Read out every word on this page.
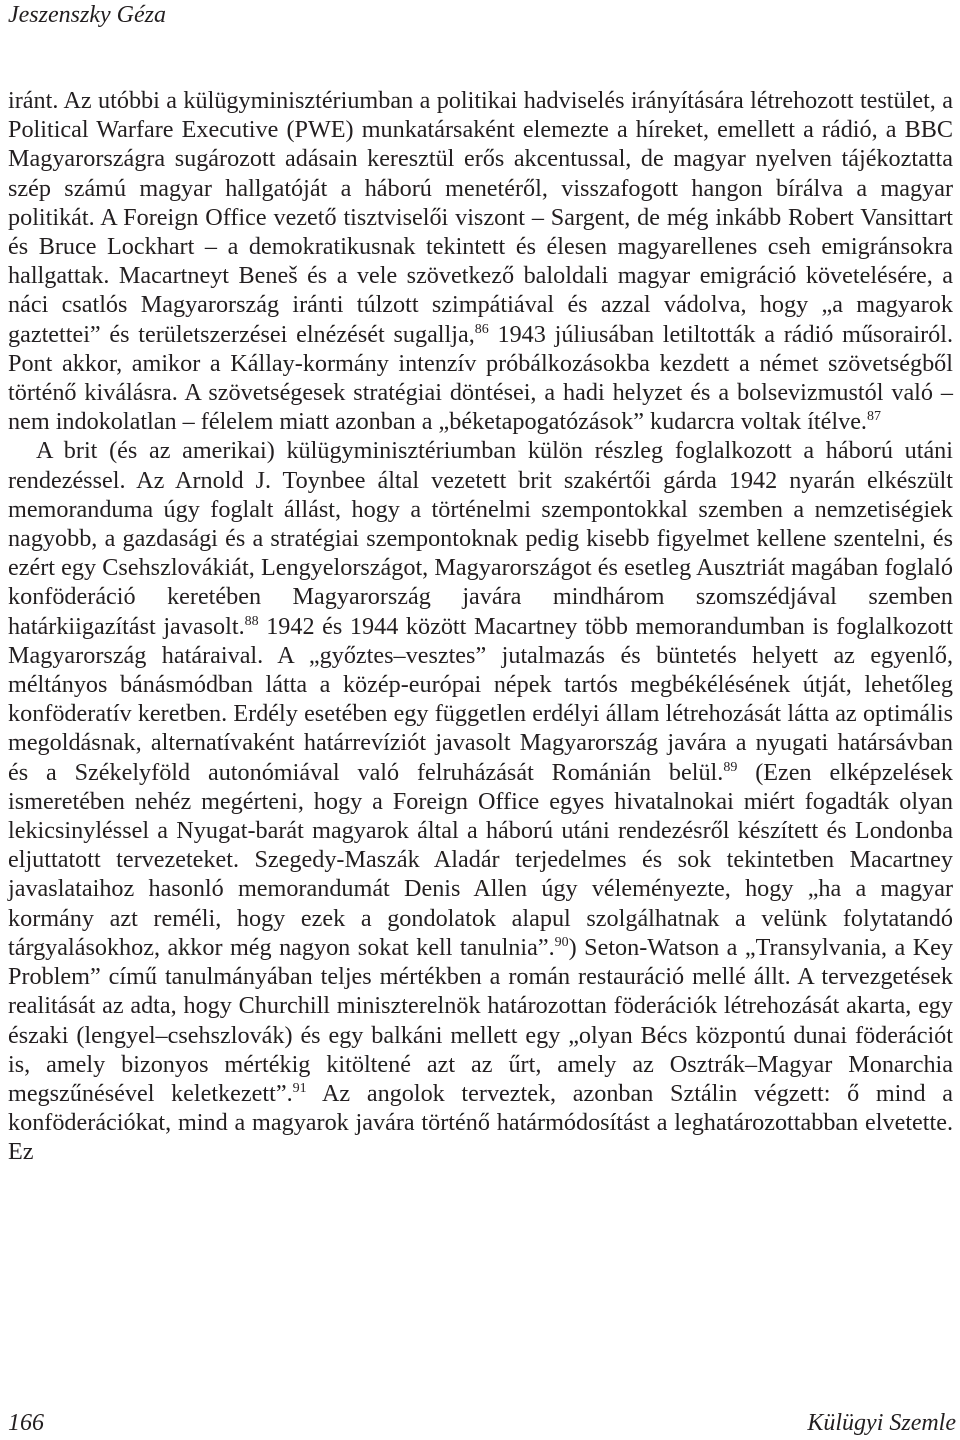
Jeszenszky Géza

iránt. Az utóbbi a külügyminisztériumban a politikai hadviselés irányítására létrehozott testület, a Political Warfare Executive (PWE) munkatársaként elemezte a híreket, emellett a rádió, a BBC Magyarországra sugározott adásain keresztül erős akcentussal, de magyar nyelven tájékoztatta szép számú magyar hallgatóját a háború menetéről, visszafogott hangon bírálva a magyar politikát. A Foreign Office vezető tisztviselői viszont – Sargent, de még inkább Robert Vansittart és Bruce Lockhart – a demokratikusnak tekintett és élesen magyarellenes cseh emigránsokra hallgattak. Macartneyt Beneš és a vele szövetkező baloldali magyar emigráció követelésére, a náci csatlós Magyarország iránti túlzott szimpátiával és azzal vádolva, hogy „a magyarok gaztettei” és területszerzései elnézését sugallja,$^{86}$ 1943 júliusában letiltották a rádió műsorairól. Pont akkor, amikor a Kállay-kormány intenzív próbálkozásokba kezdett a német szövetségből történő kiválásra. A szövetségesek stratégiai döntései, a hadi helyzet és a bolsevizmustól való – nem indokolatlan – félelem miatt azonban a „béketapogatózások” kudarcra voltak ítélve.$^{87}$

A brit (és az amerikai) külügyminisztériumban külön részleg foglalkozott a háború utáni rendezéssel. Az Arnold J. Toynbee által vezetett brit szakértői gárda 1942 nyarán elkészült memoranduma úgy foglalt állást, hogy a történelmi szempontokkal szemben a nemzetiségiek nagyobb, a gazdasági és a stratégiai szempontoknak pedig kisebb figyelmet kellene szentelni, és ezért egy Csehszlovákiát, Lengyelországot, Magyarországot és esetleg Ausztriát magában foglaló konföderáció keretében Magyarország javára mindhárom szomszédjával szemben határkiigazítást javasolt.$^{88}$ 1942 és 1944 között Macartney több memorandumban is foglalkozott Magyarország határaival. A „győztes–vesztes” jutalmazás és büntetés helyett az egyenlő, méltányos bánásmódban látta a közép-európai népek tartós megbékélésének útját, lehetőleg konföderatív keretben. Erdély esetében egy független erdélyi állam létrehozását látta az optimális megoldásnak, alternatívaként határrevíziót javasolt Magyarország javára a nyugati határsávban és a Székelyföld autonómiával való felruházását Románián belül.$^{89}$ (Ezen elképzelések ismeretében nehéz megérteni, hogy a Foreign Office egyes hivatalnokai miért fogadták olyan lekicsinyléssel a Nyugat-barát magyarok által a háború utáni rendezésről készített és Londonba eljuttatott tervezeteket. Szegedy-Maszák Aladár terjedelmes és sok tekintetben Macartney javaslataihoz hasonló memorandumát Denis Allen úgy véleményezte, hogy „ha a magyar kormány azt reméli, hogy ezek a gondolatok alapul szolgálhatnak a velünk folytatandó tárgyalásokhoz, akkor még nagyon sokat kell tanulnia”.$^{90}$) Seton-Watson a „Transylvania, a Key Problem” című tanulmányában teljes mértékben a román restauráció mellé állt. A tervezgetések realitását az adta, hogy Churchill miniszterelnök határozottan föderációk létrehozását akarta, egy északi (lengyel–csehszlovák) és egy balkáni mellett egy „olyan Bécs központú dunai föderációt is, amely bizonyos mértékig kitöltené azt az űrt, amely az Osztrák–Magyar Monarchia megszűnésével keletkezett”.$^{91}$ Az angolok terveztek, azonban Sztálin végzett: ő mind a konföderációkat, mind a magyarok javára történő határmódosítást a leghatározottabban elvetette. Ez

166	Külügyi Szemle
